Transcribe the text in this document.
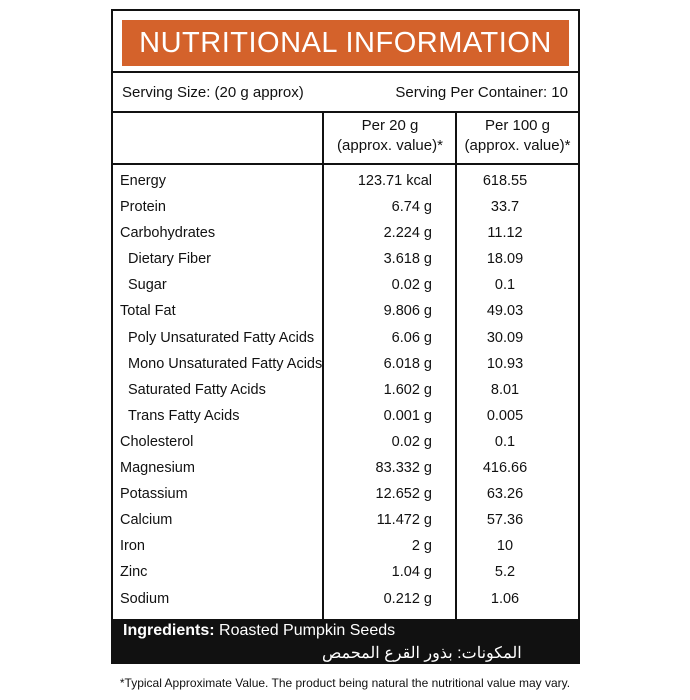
NUTRITIONAL INFORMATION
Serving Size: (20 g approx)	Serving Per Container: 10
Per 20 g
(approx. value)*
Per 100 g
(approx. value)*
Energy	123.71 kcal	618.55
Protein	6.74 g	33.7
Carbohydrates	2.224 g	11.12
Dietary Fiber	3.618 g	18.09
Sugar	0.02 g	0.1
Total Fat	9.806 g	49.03
Poly Unsaturated Fatty Acids	6.06 g	30.09
Mono Unsaturated Fatty Acids	6.018 g	10.93
Saturated Fatty Acids	1.602 g	8.01
Trans Fatty Acids	0.001 g	0.005
Cholesterol	0.02 g	0.1
Magnesium	83.332 g	416.66
Potassium	12.652 g	63.26
Calcium	11.472 g	57.36
Iron	2 g	10
Zinc	1.04 g	5.2
Sodium	0.212 g	1.06
Ingredients: Roasted Pumpkin Seeds
المكونات: بذور القرع المحمص
*Typical Approximate Value. The product being natural the nutritional value may vary.
